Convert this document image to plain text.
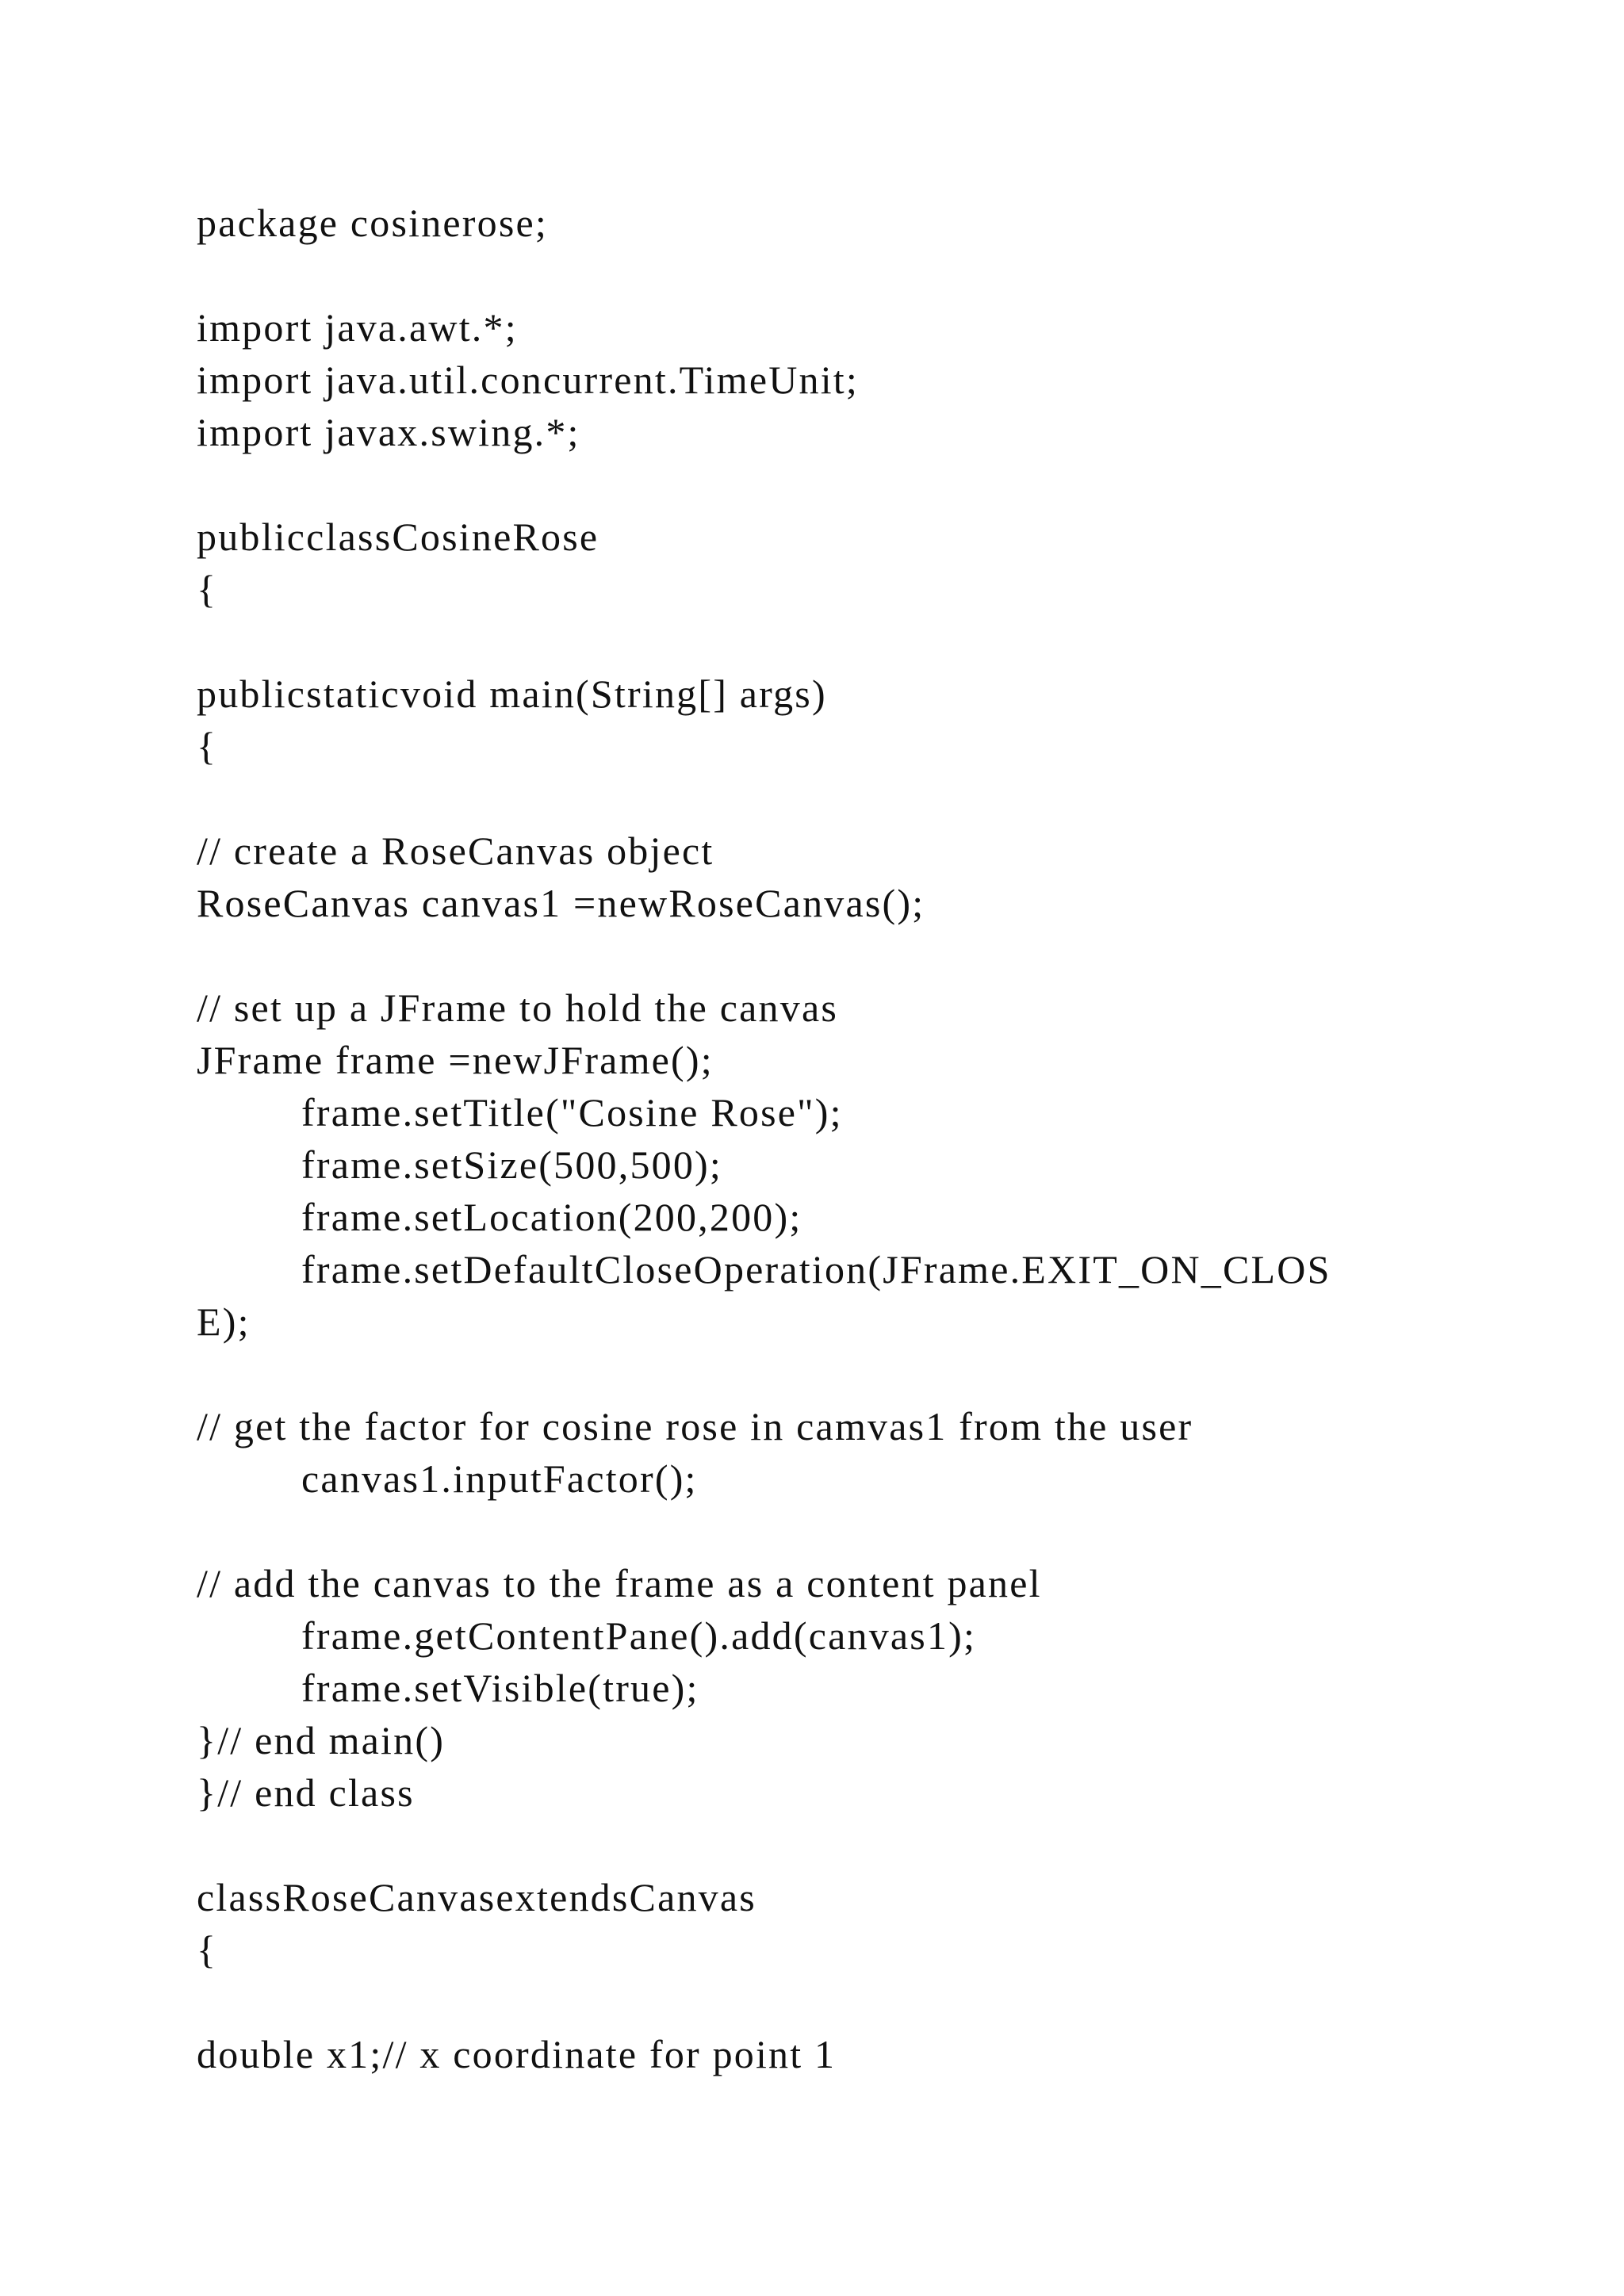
package cosinerose;
import java.awt.*;
import java.util.concurrent.TimeUnit;
import javax.swing.*;
publicclassCosineRose
{
publicstaticvoid main(String[] args)
{
// create a RoseCanvas object
RoseCanvas canvas1 =newRoseCanvas();
// set up a JFrame to hold the canvas
JFrame frame =newJFrame();
frame.setTitle("Cosine Rose");
frame.setSize(500,500);
frame.setLocation(200,200);
frame.setDefaultCloseOperation(JFrame.EXIT_ON_CLOS
E);
// get the factor for cosine rose in camvas1 from the user
canvas1.inputFactor();
// add the canvas to the frame as a content panel
frame.getContentPane().add(canvas1);
frame.setVisible(true);
}// end main()
}// end class
classRoseCanvasextendsCanvas
{
double x1;// x coordinate for point 1
